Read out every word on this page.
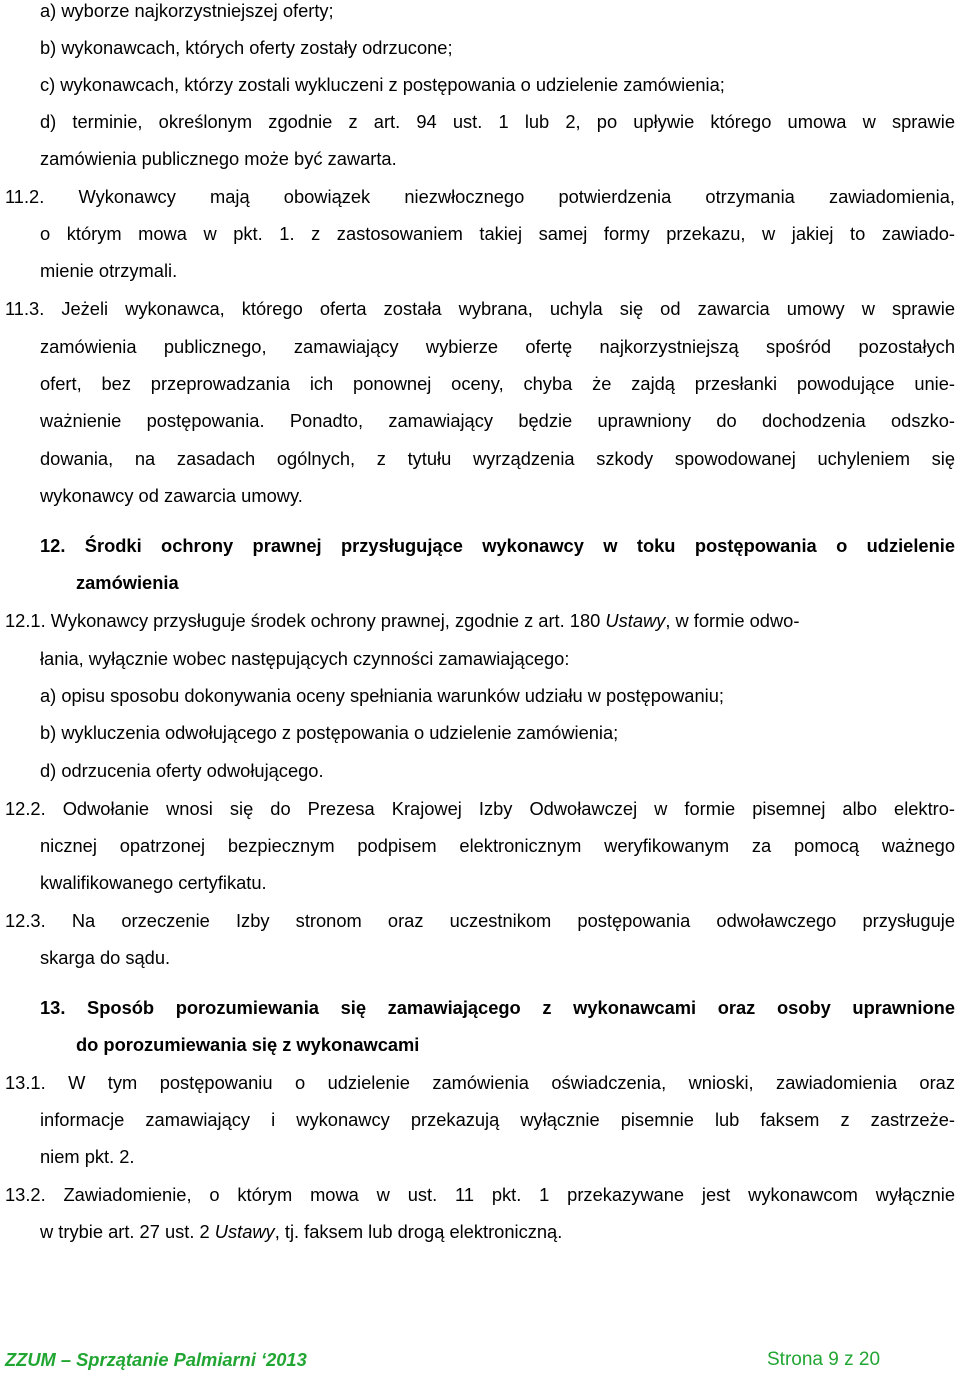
a) wyborze najkorzystniejszej oferty;
b) wykonawcach, których oferty zostały odrzucone;
c) wykonawcach, którzy zostali wykluczeni z postępowania o udzielenie zamówienia;
d) terminie, określonym zgodnie z art. 94 ust. 1 lub 2, po upływie którego umowa w sprawie
zamówienia publicznego może być zawarta.
11.2. Wykonawcy mają obowiązek niezwłocznego potwierdzenia otrzymania zawiadomienia,
o którym mowa w pkt. 1. z zastosowaniem takiej samej formy przekazu, w jakiej to zawiado-
mienie otrzymali.
11.3. Jeżeli wykonawca, którego oferta została wybrana, uchyla się od zawarcia umowy w sprawie
zamówienia publicznego, zamawiający wybierze ofertę najkorzystniejszą spośród pozostałych
ofert, bez przeprowadzania ich ponownej oceny, chyba że zajdą przesłanki powodujące unie-
ważnienie postępowania. Ponadto, zamawiający będzie uprawniony do dochodzenia odszko-
dowania, na zasadach ogólnych, z tytułu wyrządzenia szkody spowodowanej uchyleniem się
wykonawcy od zawarcia umowy.
12. Środki ochrony prawnej przysługujące wykonawcy w toku postępowania o udzielenie
zamówienia
12.1. Wykonawcy przysługuje środek ochrony prawnej, zgodnie z art. 180 Ustawy, w formie odwo-
łania, wyłącznie wobec następujących czynności zamawiającego:
a) opisu sposobu dokonywania oceny spełniania warunków udziału w postępowaniu;
b) wykluczenia odwołującego z postępowania o udzielenie zamówienia;
d) odrzucenia oferty odwołującego.
12.2. Odwołanie wnosi się do Prezesa Krajowej Izby Odwoławczej w formie pisemnej albo elektro-
nicznej opatrzonej bezpiecznym podpisem elektronicznym weryfikowanym za pomocą ważnego
kwalifikowanego certyfikatu.
12.3. Na orzeczenie Izby stronom oraz uczestnikom postępowania odwoławczego przysługuje
skarga do sądu.
13. Sposób porozumiewania się zamawiającego z wykonawcami oraz osoby uprawnione
do porozumiewania się z wykonawcami
13.1. W tym postępowaniu o udzielenie zamówienia oświadczenia, wnioski, zawiadomienia oraz
informacje zamawiający i wykonawcy przekazują wyłącznie pisemnie lub faksem z zastrzeże-
niem pkt. 2.
13.2. Zawiadomienie, o którym mowa w ust. 11 pkt. 1 przekazywane jest wykonawcom wyłącznie
w trybie art. 27 ust. 2 Ustawy, tj. faksem lub drogą elektroniczną.
ZZUM – Sprzątanie Palmiarni ‘2013	Strona 9 z 20
